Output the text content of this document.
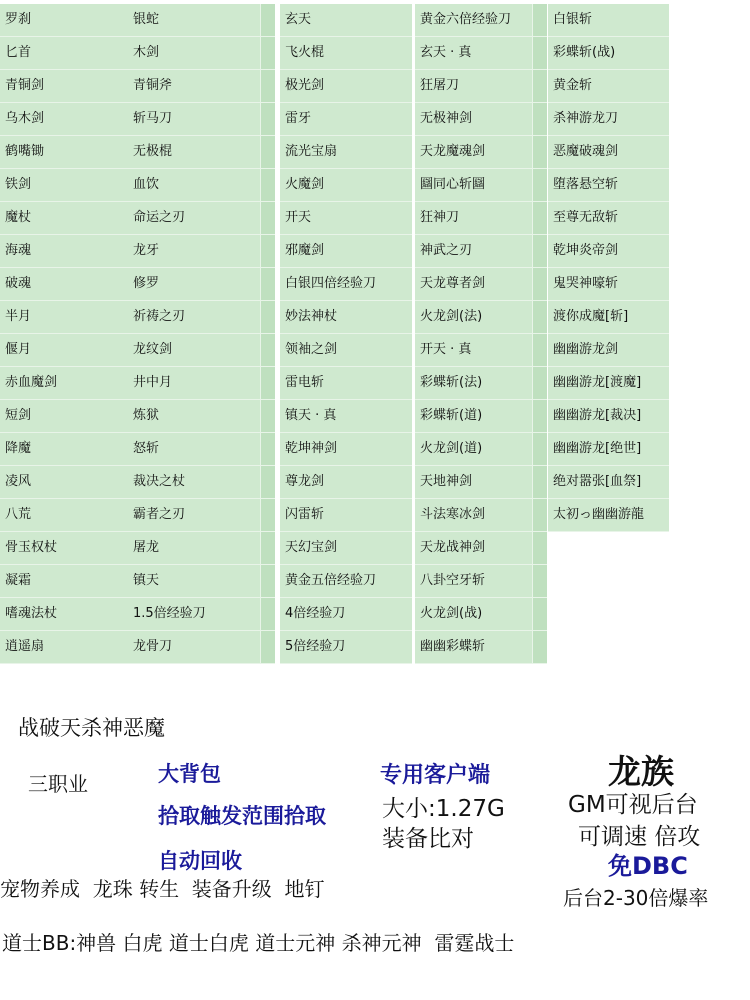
罗刹
匕首
青铜剑
乌木剑
鹤嘴锄
铁剑
魔杖
海魂
破魂
半月
偃月
赤血魔剑
短剑
降魔
凌风
八荒
骨玉权杖
凝霜
嗜魂法杖
逍遥扇
银蛇
木剑
青铜斧
斩马刀
无极棍
血饮
命运之刃
龙牙
修罗
祈祷之刃
龙纹剑
井中月
炼狱
怒斩
裁决之杖
霸者之刃
屠龙
镇天
1.5倍经验刀
龙骨刀
玄天
飞火棍
极光剑
雷牙
流光宝扇
火魔剑
开天
邪魔剑
白银四倍经验刀
妙法神杖
领袖之剑
雷电斩
镇天 · 真
乾坤神剑
尊龙剑
闪雷斩
天幻宝剑
黄金五倍经验刀
4倍经验刀
5倍经验刀
黄金六倍经验刀
玄天 · 真
狂屠刀
无极神剑
天龙魔魂剑
圝同心斩圝
狂神刀
神武之刃
天龙尊者剑
火龙剑(法)
开天 · 真
彩蝶斩(法)
彩蝶斩(道)
火龙剑(道)
天地神剑
斗法寒冰剑
天龙战神剑
八卦空牙斩
火龙剑(战)
幽幽彩蝶斩
白银斩
彩蝶斩(战)
黄金斩
杀神游龙刀
恶魔破魂剑
堕落悬空斩
至尊无敌斩
乾坤炎帝剑
鬼哭神嚎斩
渡你成魔[斩]
幽幽游龙剑
幽幽游龙[渡魔]
幽幽游龙[裁决]
幽幽游龙[绝世]
绝对嚣张[血祭]
太初っ幽幽游龍
战破天杀神恶魔
三职业	大背包
拾取触发范围拾取
自动回收
专用客户端
大小:1.27G
装备比对
龙族
GM可视后台
可调速 倍攻
免DBC
后台2-30倍爆率
宠物养成  龙珠 转生  装备升级  地钉
道士BB:神兽 白虎 道士白虎 道士元神 杀神元神  雷霆战士
